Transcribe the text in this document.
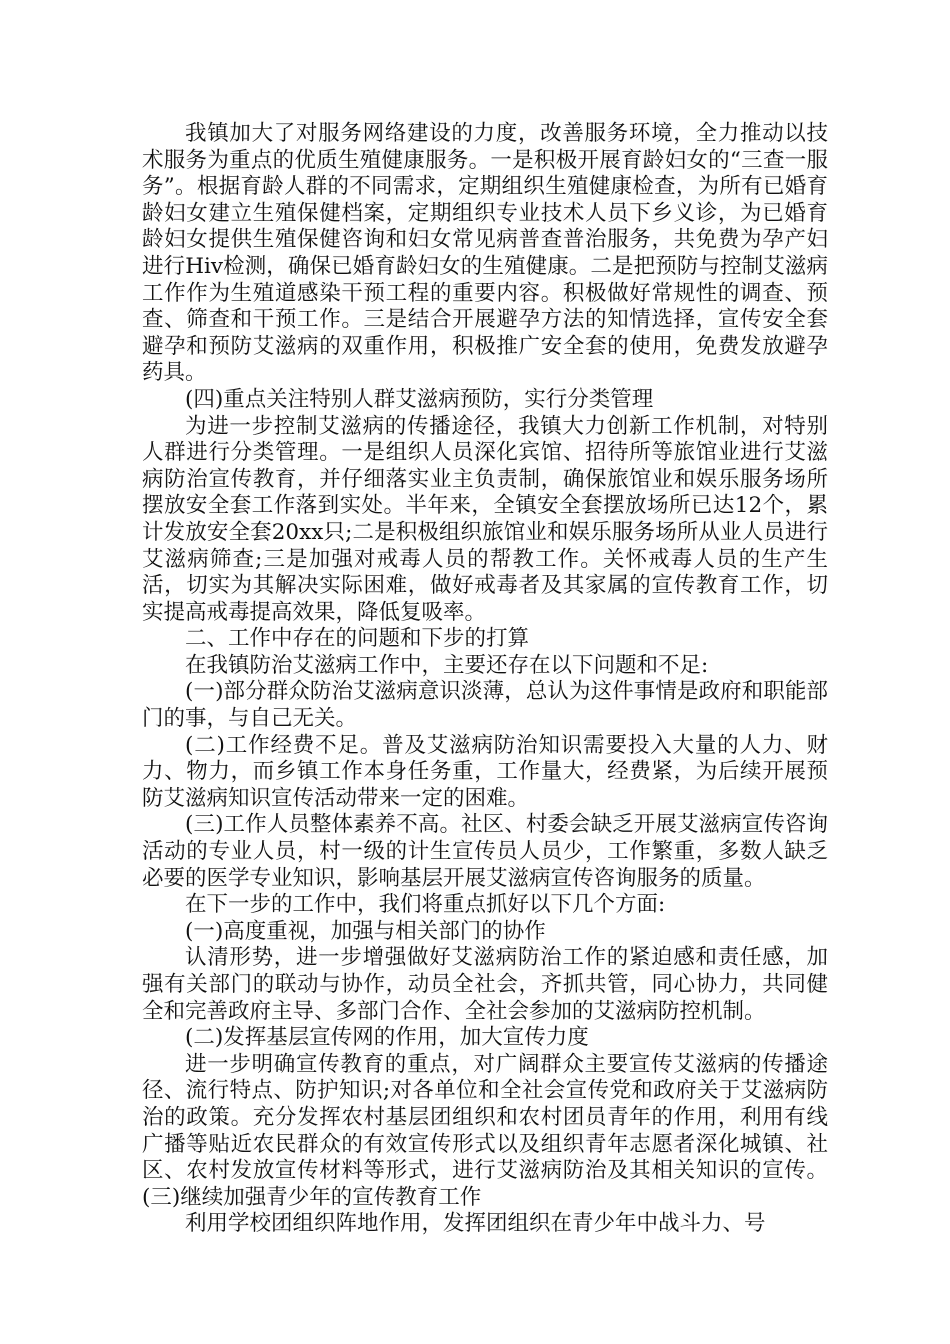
我镇加大了对服务网络建设的力度，改善服务环境，全力推动以技术服务为重点的优质生殖健康服务。一是积极开展育龄妇女的“三查一服务”。根据育龄人群的不同需求，定期组织生殖健康检查，为所有已婚育龄妇女建立生殖保健档案，定期组织专业技术人员下乡义诊，为已婚育龄妇女提供生殖保健咨询和妇女常见病普查普治服务，共免费为孕产妇进行Hiv检测，确保已婚育龄妇女的生殖健康。二是把预防与控制艾滋病工作作为生殖道感染干预工程的重要内容。积极做好常规性的调查、预查、筛查和干预工作。三是结合开展避孕方法的知情选择，宣传安全套避孕和预防艾滋病的双重作用，积极推广安全套的使用，免费发放避孕药具。

(四)重点关注特别人群艾滋病预防，实行分类管理

为进一步控制艾滋病的传播途径，我镇大力创新工作机制，对特别人群进行分类管理。一是组织人员深化宾馆、招待所等旅馆业进行艾滋病防治宣传教育，并仔细落实业主负责制，确保旅馆业和娱乐服务场所摆放安全套工作落到实处。半年来，全镇安全套摆放场所已达12个，累计发放安全套20xx只;二是积极组织旅馆业和娱乐服务场所从业人员进行艾滋病筛查;三是加强对戒毒人员的帮教工作。关怀戒毒人员的生产生活，切实为其解决实际困难，做好戒毒者及其家属的宣传教育工作，切实提高戒毒提高效果，降低复吸率。

二、工作中存在的问题和下步的打算

在我镇防治艾滋病工作中，主要还存在以下问题和不足:

(一)部分群众防治艾滋病意识淡薄，总认为这件事情是政府和职能部门的事，与自己无关。

(二)工作经费不足。普及艾滋病防治知识需要投入大量的人力、财力、物力，而乡镇工作本身任务重，工作量大，经费紧，为后续开展预防艾滋病知识宣传活动带来一定的困难。

(三)工作人员整体素养不高。社区、村委会缺乏开展艾滋病宣传咨询活动的专业人员，村一级的计生宣传员人员少，工作繁重，多数人缺乏必要的医学专业知识，影响基层开展艾滋病宣传咨询服务的质量。

在下一步的工作中，我们将重点抓好以下几个方面:

(一)高度重视，加强与相关部门的协作

认清形势，进一步增强做好艾滋病防治工作的紧迫感和责任感，加强有关部门的联动与协作，动员全社会，齐抓共管，同心协力，共同健全和完善政府主导、多部门合作、全社会参加的艾滋病防控机制。

(二)发挥基层宣传网的作用，加大宣传力度

进一步明确宣传教育的重点，对广阔群众主要宣传艾滋病的传播途径、流行特点、防护知识;对各单位和全社会宣传党和政府关于艾滋病防治的政策。充分发挥农村基层团组织和农村团员青年的作用，利用有线广播等贴近农民群众的有效宣传形式以及组织青年志愿者深化城镇、社区、农村发放宣传材料等形式，进行艾滋病防治及其相关知识的宣传。(三)继续加强青少年的宣传教育工作

利用学校团组织阵地作用，发挥团组织在青少年中战斗力、号
